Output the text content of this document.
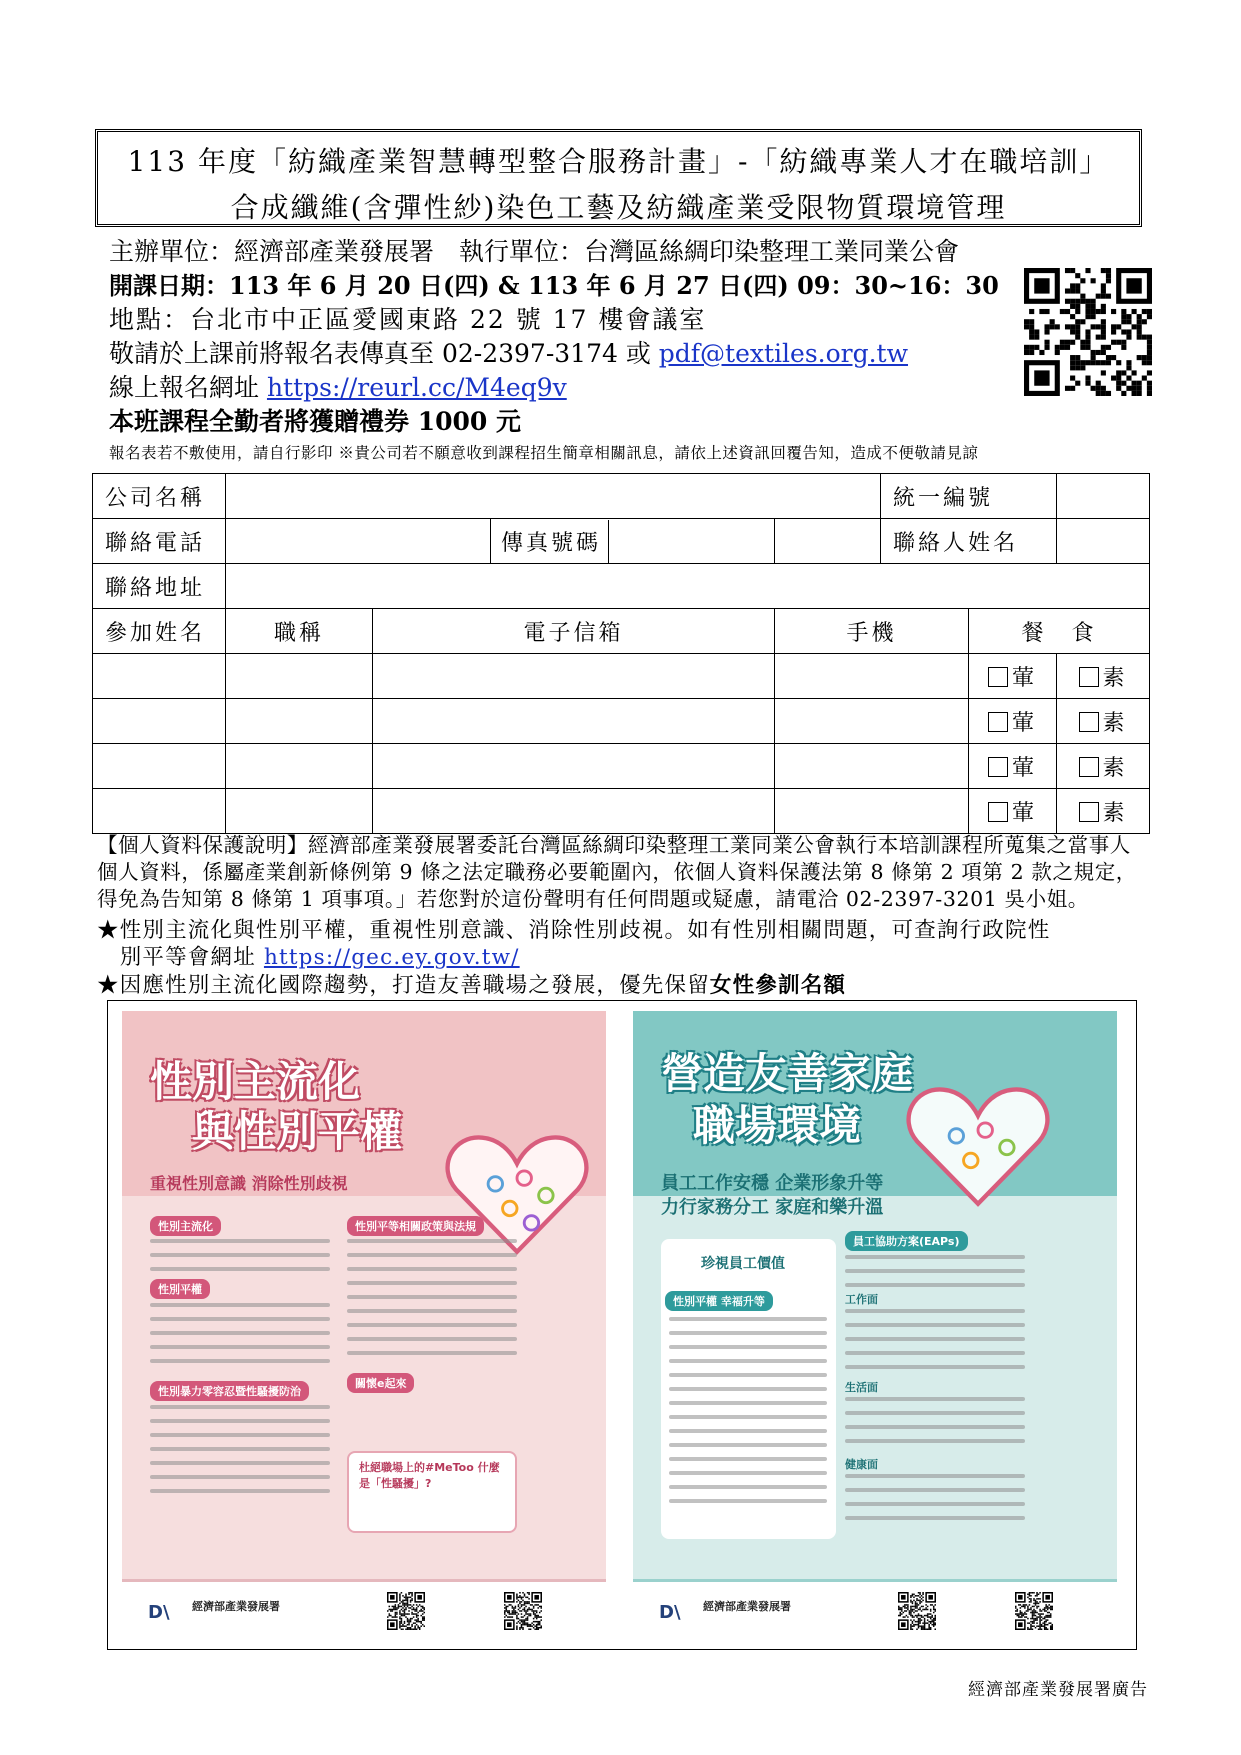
113 年度「紡織產業智慧轉型整合服務計畫」-「紡織專業人才在職培訓」
合成纖維(含彈性紗)染色工藝及紡織產業受限物質環境管理
主辦單位：經濟部產業發展署　執行單位：台灣區絲綢印染整理工業同業公會
開課日期：113 年 6 月 20 日(四) & 113 年 6 月 27 日(四) 09：30~16：30
地點：台北市中正區愛國東路 22 號 17 樓會議室
敬請於上課前將報名表傳真至 02-2397-3174 或 pdf@textiles.org.tw
線上報名網址 https://reurl.cc/M4eq9v
本班課程全勤者將獲贈禮券 1000 元
報名表若不敷使用，請自行影印 ※貴公司若不願意收到課程招生簡章相關訊息，請依上述資訊回覆告知，造成不便敬請見諒
公司名稱					統一編號		
聯絡電話			傳真號碼		聯絡人姓名		
聯絡地址							
參加姓名	職稱	電子信箱		手機		餐　食	
						葷	素
						葷	素
						葷	素
						葷	素
【個人資料保護說明】經濟部產業發展署委託台灣區絲綢印染整理工業同業公會執行本培訓課程所蒐集之當事人個人資料，係屬產業創新條例第 9 條之法定職務必要範圍內，依個人資料保護法第 8 條第 2 項第 2 款之規定，得免為告知第 8 條第 1 項事項。」若您對於這份聲明有任何問題或疑慮，請電洽 02-2397-3201 吳小姐。
★性別主流化與性別平權，重視性別意識、消除性別歧視。如有性別相關問題，可查詢行政院性
　別平等會網址 https://gec.ey.gov.tw/
★因應性別主流化國際趨勢，打造友善職場之發展，優先保留女性參訓名額
性別主流化
與性別平權
重視性別意識 消除性別歧視
性別主流化
性別平權
性別暴力零容忍暨性騷擾防治
性別平等相關政策與法規
關懷e起來
杜絕職場上的#MeToo 什麼是「性騷擾」?
D\ 經濟部產業發展署
營造友善家庭
職場環境
員工工作安穩 企業形象升等
力行家務分工 家庭和樂升溫
珍視員工價值
性別平權 幸福升等
員工協助方案(EAPs)
工作面
生活面
健康面
D\ 經濟部產業發展署
經濟部產業發展署廣告
